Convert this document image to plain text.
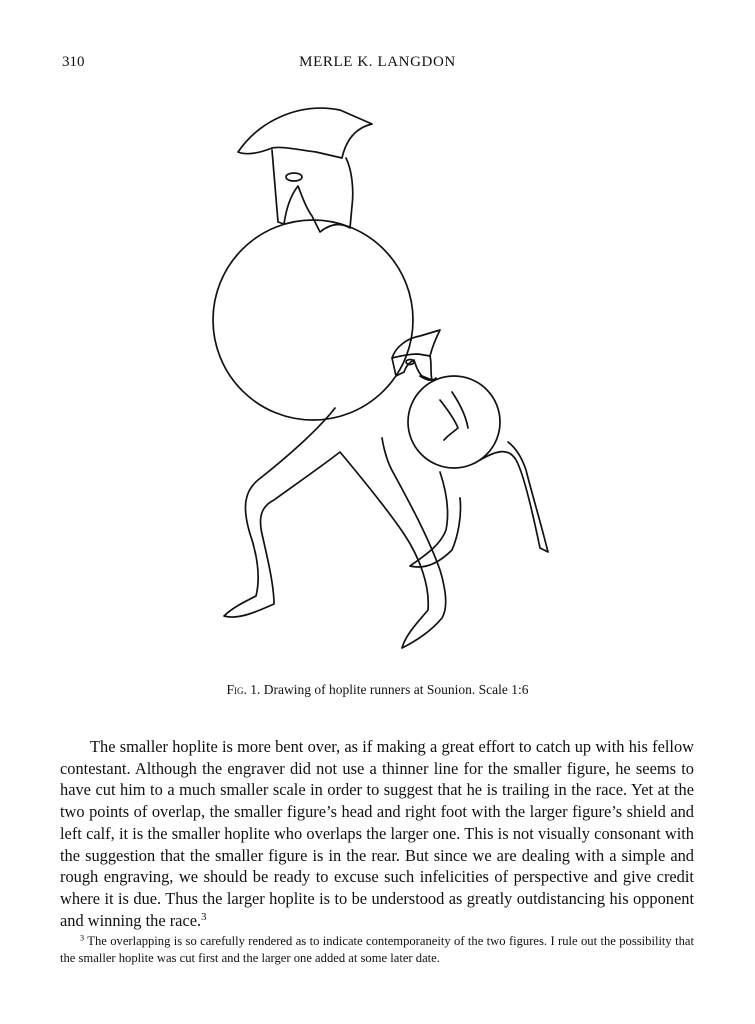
310	MERLE K. LANGDON
Fig. 1. Drawing of hoplite runners at Sounion. Scale 1:6

The smaller hoplite is more bent over, as if making a great effort to catch up with his fellow contestant. Although the engraver did not use a thinner line for the smaller figure, he seems to have cut him to a much smaller scale in order to suggest that he is trailing in the race. Yet at the two points of overlap, the smaller figure’s head and right foot with the larger figure’s shield and left calf, it is the smaller hoplite who overlaps the larger one. This is not visually consonant with the suggestion that the smaller figure is in the rear. But since we are dealing with a simple and rough engraving, we should be ready to excuse such infelicities of perspective and give credit where it is due. Thus the larger hoplite is to be understood as greatly outdistancing his opponent and winning the race.$^3$

$^3$ The overlapping is so carefully rendered as to indicate contemporaneity of the two figures. I rule out the possibility that the smaller hoplite was cut first and the larger one added at some later date.
